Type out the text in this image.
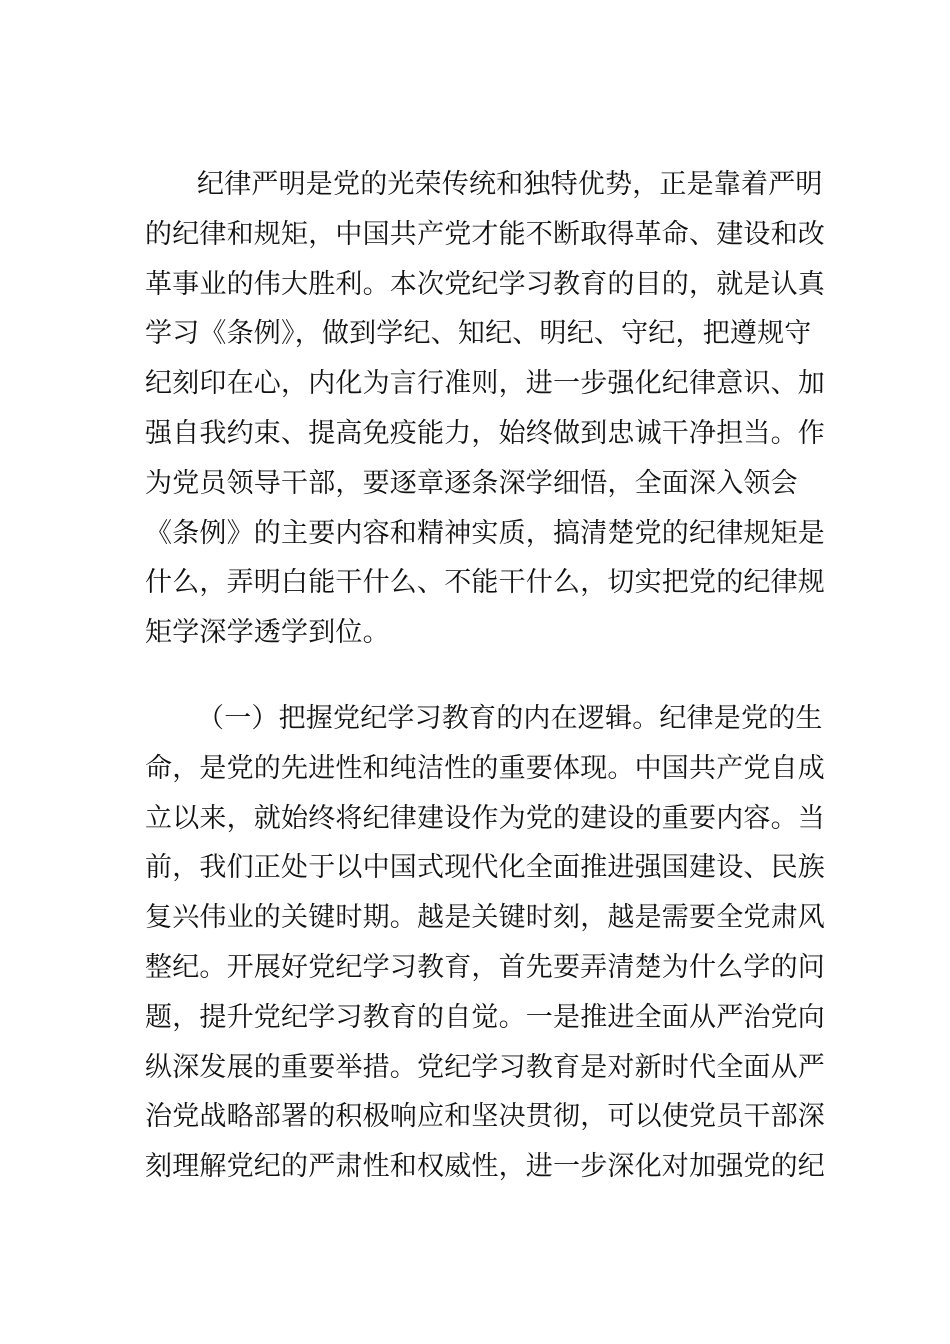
纪律严明是党的光荣传统和独特优势，正是靠着严明
的纪律和规矩，中国共产党才能不断取得革命、建设和改
革事业的伟大胜利。本次党纪学习教育的目的，就是认真
学习《条例》，做到学纪、知纪、明纪、守纪，把遵规守
纪刻印在心，内化为言行准则，进一步强化纪律意识、加
强自我约束、提高免疫能力，始终做到忠诚干净担当。作
为党员领导干部，要逐章逐条深学细悟，全面深入领会
《条例》的主要内容和精神实质，搞清楚党的纪律规矩是
什么，弄明白能干什么、不能干什么，切实把党的纪律规
矩学深学透学到位。
（一）把握党纪学习教育的内在逻辑。纪律是党的生
命，是党的先进性和纯洁性的重要体现。中国共产党自成
立以来，就始终将纪律建设作为党的建设的重要内容。当
前，我们正处于以中国式现代化全面推进强国建设、民族
复兴伟业的关键时期。越是关键时刻，越是需要全党肃风
整纪。开展好党纪学习教育，首先要弄清楚为什么学的问
题，提升党纪学习教育的自觉。一是推进全面从严治党向
纵深发展的重要举措。党纪学习教育是对新时代全面从严
治党战略部署的积极响应和坚决贯彻，可以使党员干部深
刻理解党纪的严肃性和权威性，进一步深化对加强党的纪
